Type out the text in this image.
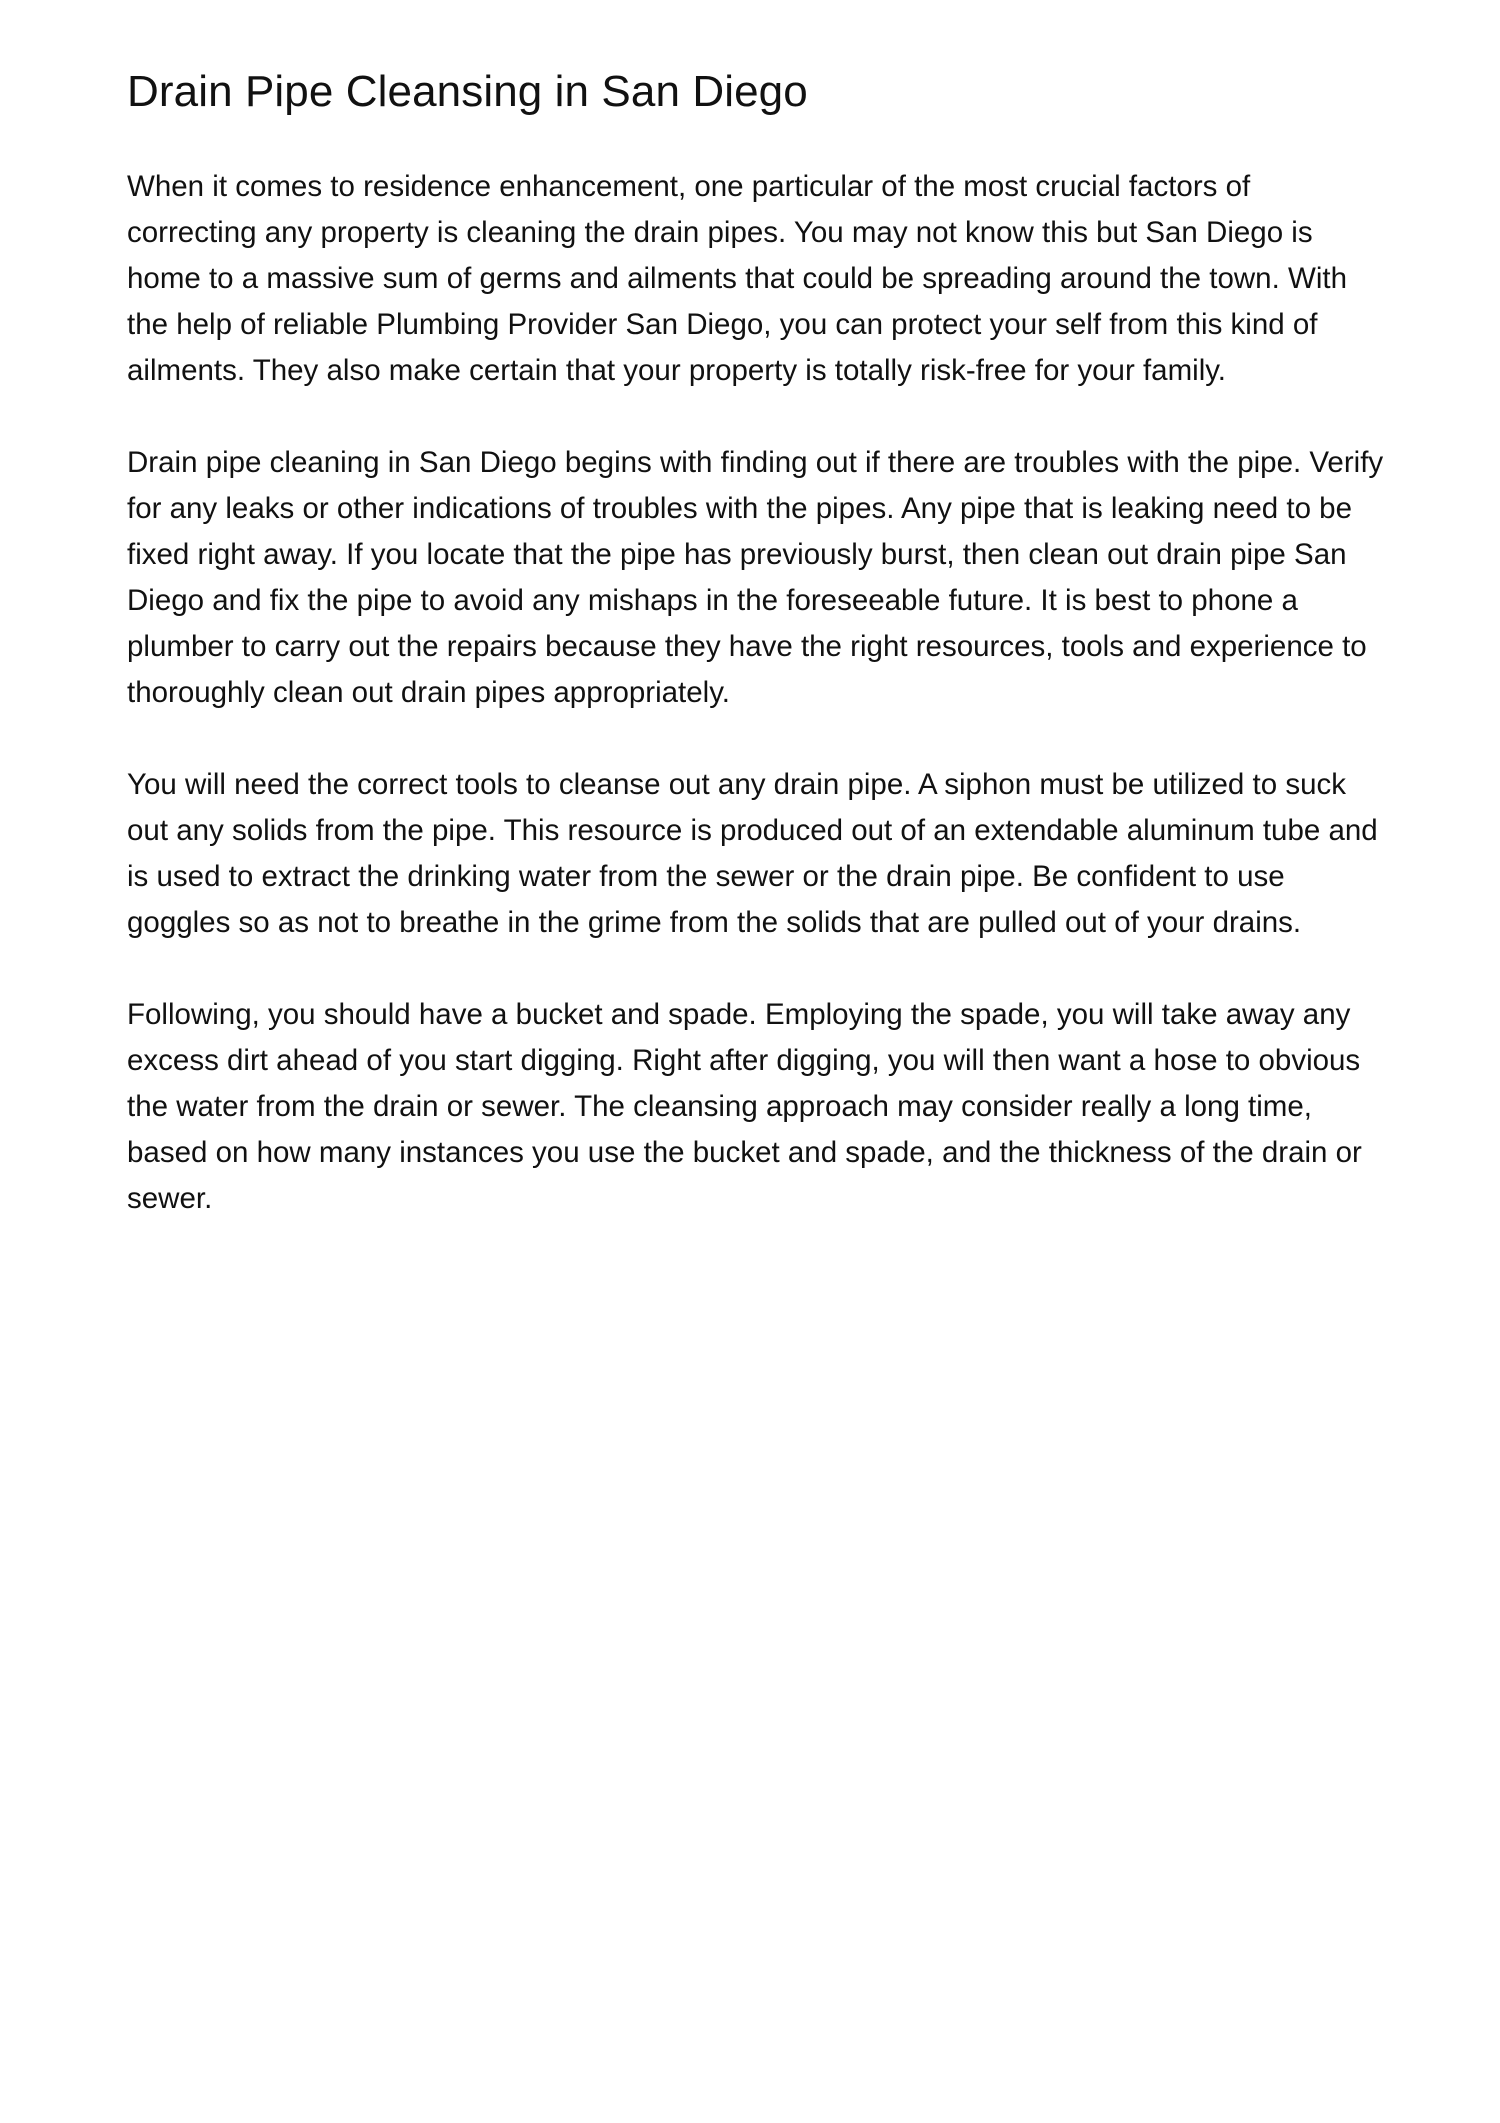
Drain Pipe Cleansing in San Diego

When it comes to residence enhancement, one particular of the most crucial factors of correcting any property is cleaning the drain pipes. You may not know this but San Diego is home to a massive sum of germs and ailments that could be spreading around the town. With the help of reliable Plumbing Provider San Diego, you can protect your self from this kind of ailments. They also make certain that your property is totally risk-free for your family.

Drain pipe cleaning in San Diego begins with finding out if there are troubles with the pipe. Verify for any leaks or other indications of troubles with the pipes. Any pipe that is leaking need to be fixed right away. If you locate that the pipe has previously burst, then clean out drain pipe San Diego and fix the pipe to avoid any mishaps in the foreseeable future. It is best to phone a plumber to carry out the repairs because they have the right resources, tools and experience to thoroughly clean out drain pipes appropriately.

You will need the correct tools to cleanse out any drain pipe. A siphon must be utilized to suck out any solids from the pipe. This resource is produced out of an extendable aluminum tube and is used to extract the drinking water from the sewer or the drain pipe. Be confident to use goggles so as not to breathe in the grime from the solids that are pulled out of your drains.

Following, you should have a bucket and spade. Employing the spade, you will take away any excess dirt ahead of you start digging. Right after digging, you will then want a hose to obvious the water from the drain or sewer. The cleansing approach may consider really a long time, based on how many instances you use the bucket and spade, and the thickness of the drain or sewer.
